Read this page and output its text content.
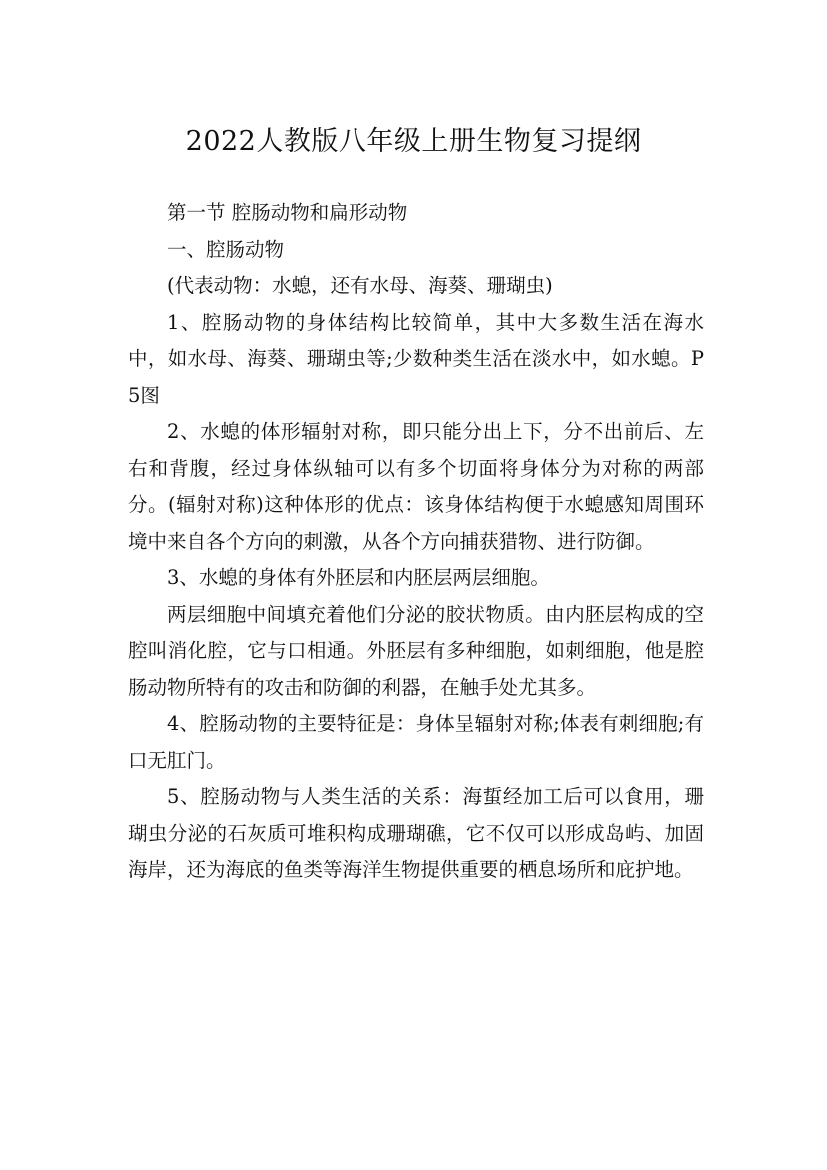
2022人教版八年级上册生物复习提纲

第一节 腔肠动物和扁形动物

一、腔肠动物

(代表动物：水螅，还有水母、海葵、珊瑚虫)

1、腔肠动物的身体结构比较简单，其中大多数生活在海水中，如水母、海葵、珊瑚虫等;少数种类生活在淡水中，如水螅。P5图

2、水螅的体形辐射对称，即只能分出上下，分不出前后、左右和背腹，经过身体纵轴可以有多个切面将身体分为对称的两部分。(辐射对称)这种体形的优点：该身体结构便于水螅感知周围环境中来自各个方向的刺激，从各个方向捕获猎物、进行防御。

3、水螅的身体有外胚层和内胚层两层细胞。

两层细胞中间填充着他们分泌的胶状物质。由内胚层构成的空腔叫消化腔，它与口相通。外胚层有多种细胞，如刺细胞，他是腔肠动物所特有的攻击和防御的利器，在触手处尤其多。

4、腔肠动物的主要特征是：身体呈辐射对称;体表有刺细胞;有口无肛门。

5、腔肠动物与人类生活的关系：海蜇经加工后可以食用，珊瑚虫分泌的石灰质可堆积构成珊瑚礁，它不仅可以形成岛屿、加固海岸，还为海底的鱼类等海洋生物提供重要的栖息场所和庇护地。
